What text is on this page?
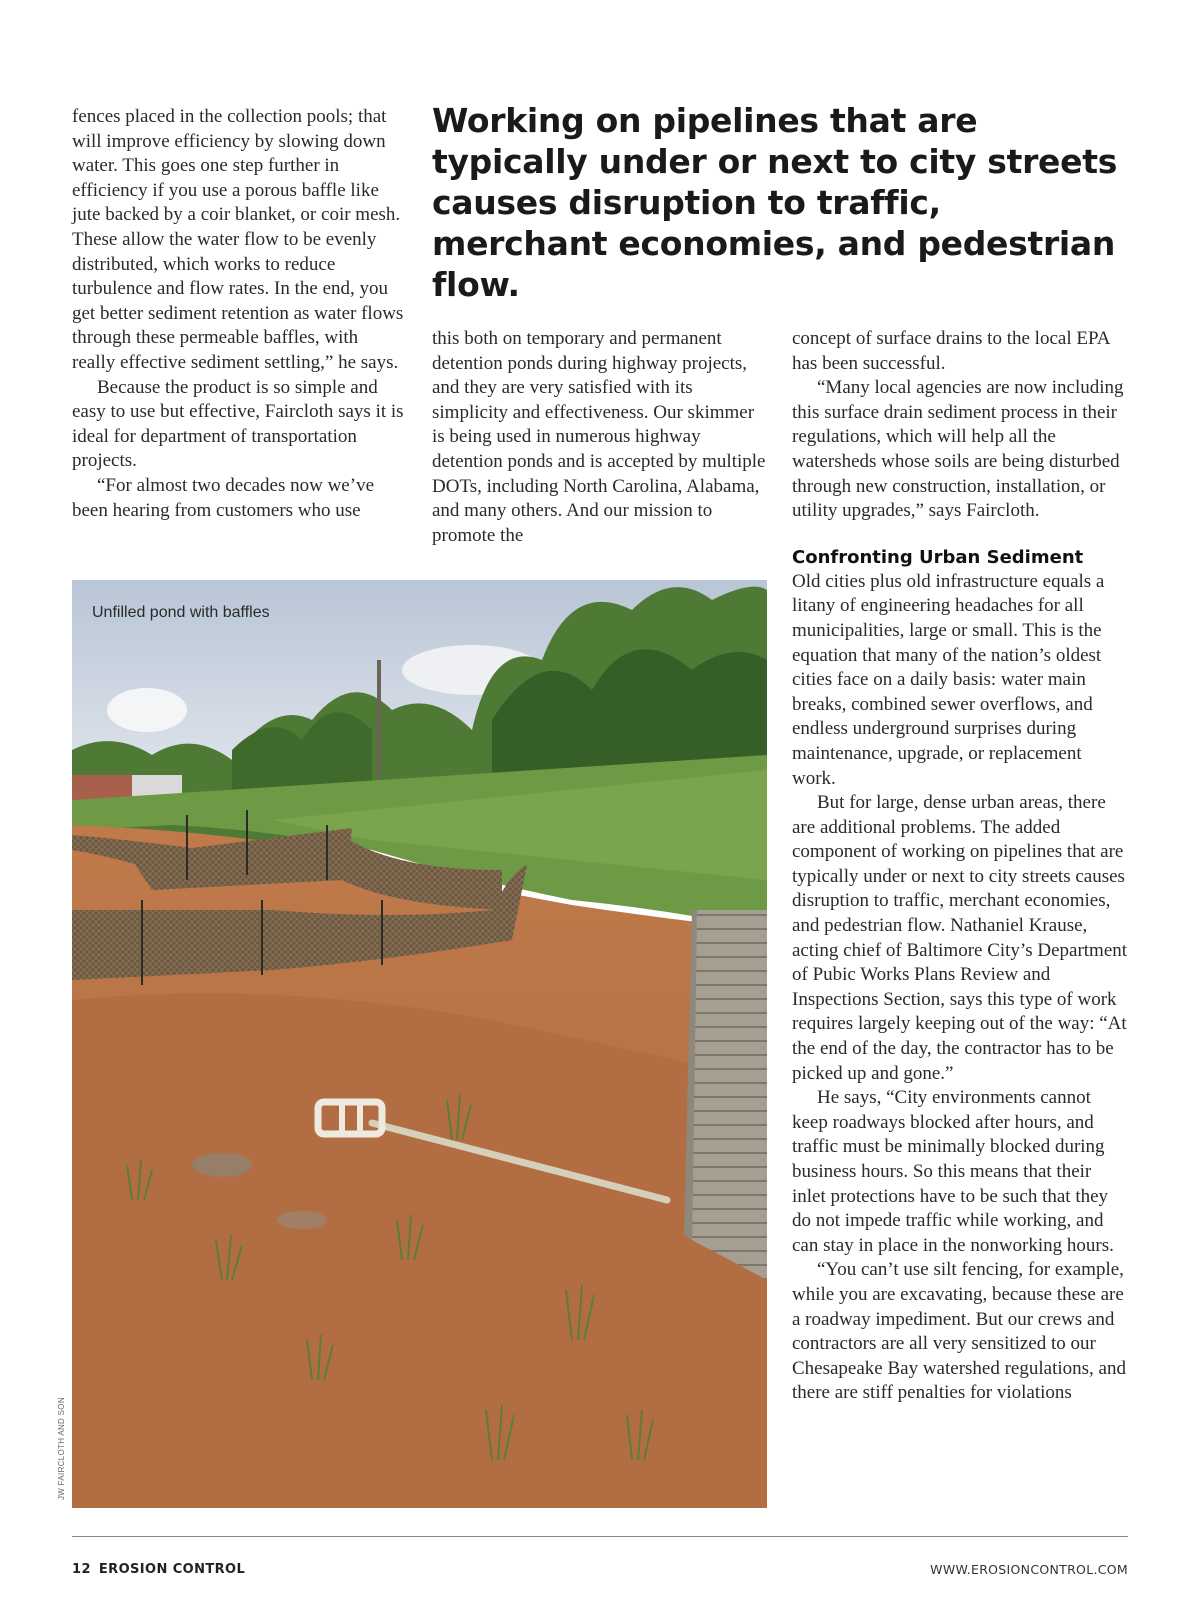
fences placed in the collection pools; that will improve efficiency by slowing down water. This goes one step further in efficiency if you use a porous baffle like jute backed by a coir blanket, or coir mesh. These allow the water flow to be evenly distributed, which works to reduce turbulence and flow rates. In the end, you get better sediment retention as water flows through these permeable baffles, with really effective sediment settling,” he says.

Because the product is so simple and easy to use but effective, Faircloth says it is ideal for department of transportation projects.

“For almost two decades now we’ve been hearing from customers who use

Working on pipelines that are typically under or next to city streets causes disruption to traffic, merchant economies, and pedestrian flow.

this both on temporary and permanent detention ponds during highway projects, and they are very satisfied with its simplicity and effectiveness. Our skimmer is being used in numerous highway detention ponds and is accepted by multiple DOTs, including North Carolina, Alabama, and many others. And our mission to promote the

concept of surface drains to the local EPA has been successful.

“Many local agencies are now including this surface drain sediment process in their regulations, which will help all the watersheds whose soils are being disturbed through new construction, installation, or utility upgrades,” says Faircloth.

Confronting Urban Sediment

Old cities plus old infrastructure equals a litany of engineering headaches for all municipalities, large or small. This is the equation that many of the nation’s oldest cities face on a daily basis: water main breaks, combined sewer overflows, and endless underground surprises during maintenance, upgrade, or replacement work.

But for large, dense urban areas, there are additional problems. The added component of working on pipelines that are typically under or next to city streets causes disruption to traffic, merchant economies, and pedestrian flow. Nathaniel Krause, acting chief of Baltimore City’s Department of Pubic Works Plans Review and Inspections Section, says this type of work requires largely keeping out of the way: “At the end of the day, the contractor has to be picked up and gone.”

He says, “City environments cannot keep roadways blocked after hours, and traffic must be minimally blocked during business hours. So this means that their inlet protections have to be such that they do not impede traffic while working, and can stay in place in the nonworking hours.

“You can’t use silt fencing, for example, while you are excavating, because these are a roadway impediment. But our crews and contractors are all very sensitized to our Chesapeake Bay watershed regulations, and there are stiff penalties for violations

Unfilled pond with baffles
JW FAIRCLOTH AND SON
12 EROSION CONTROL	WWW.EROSIONCONTROL.COM
